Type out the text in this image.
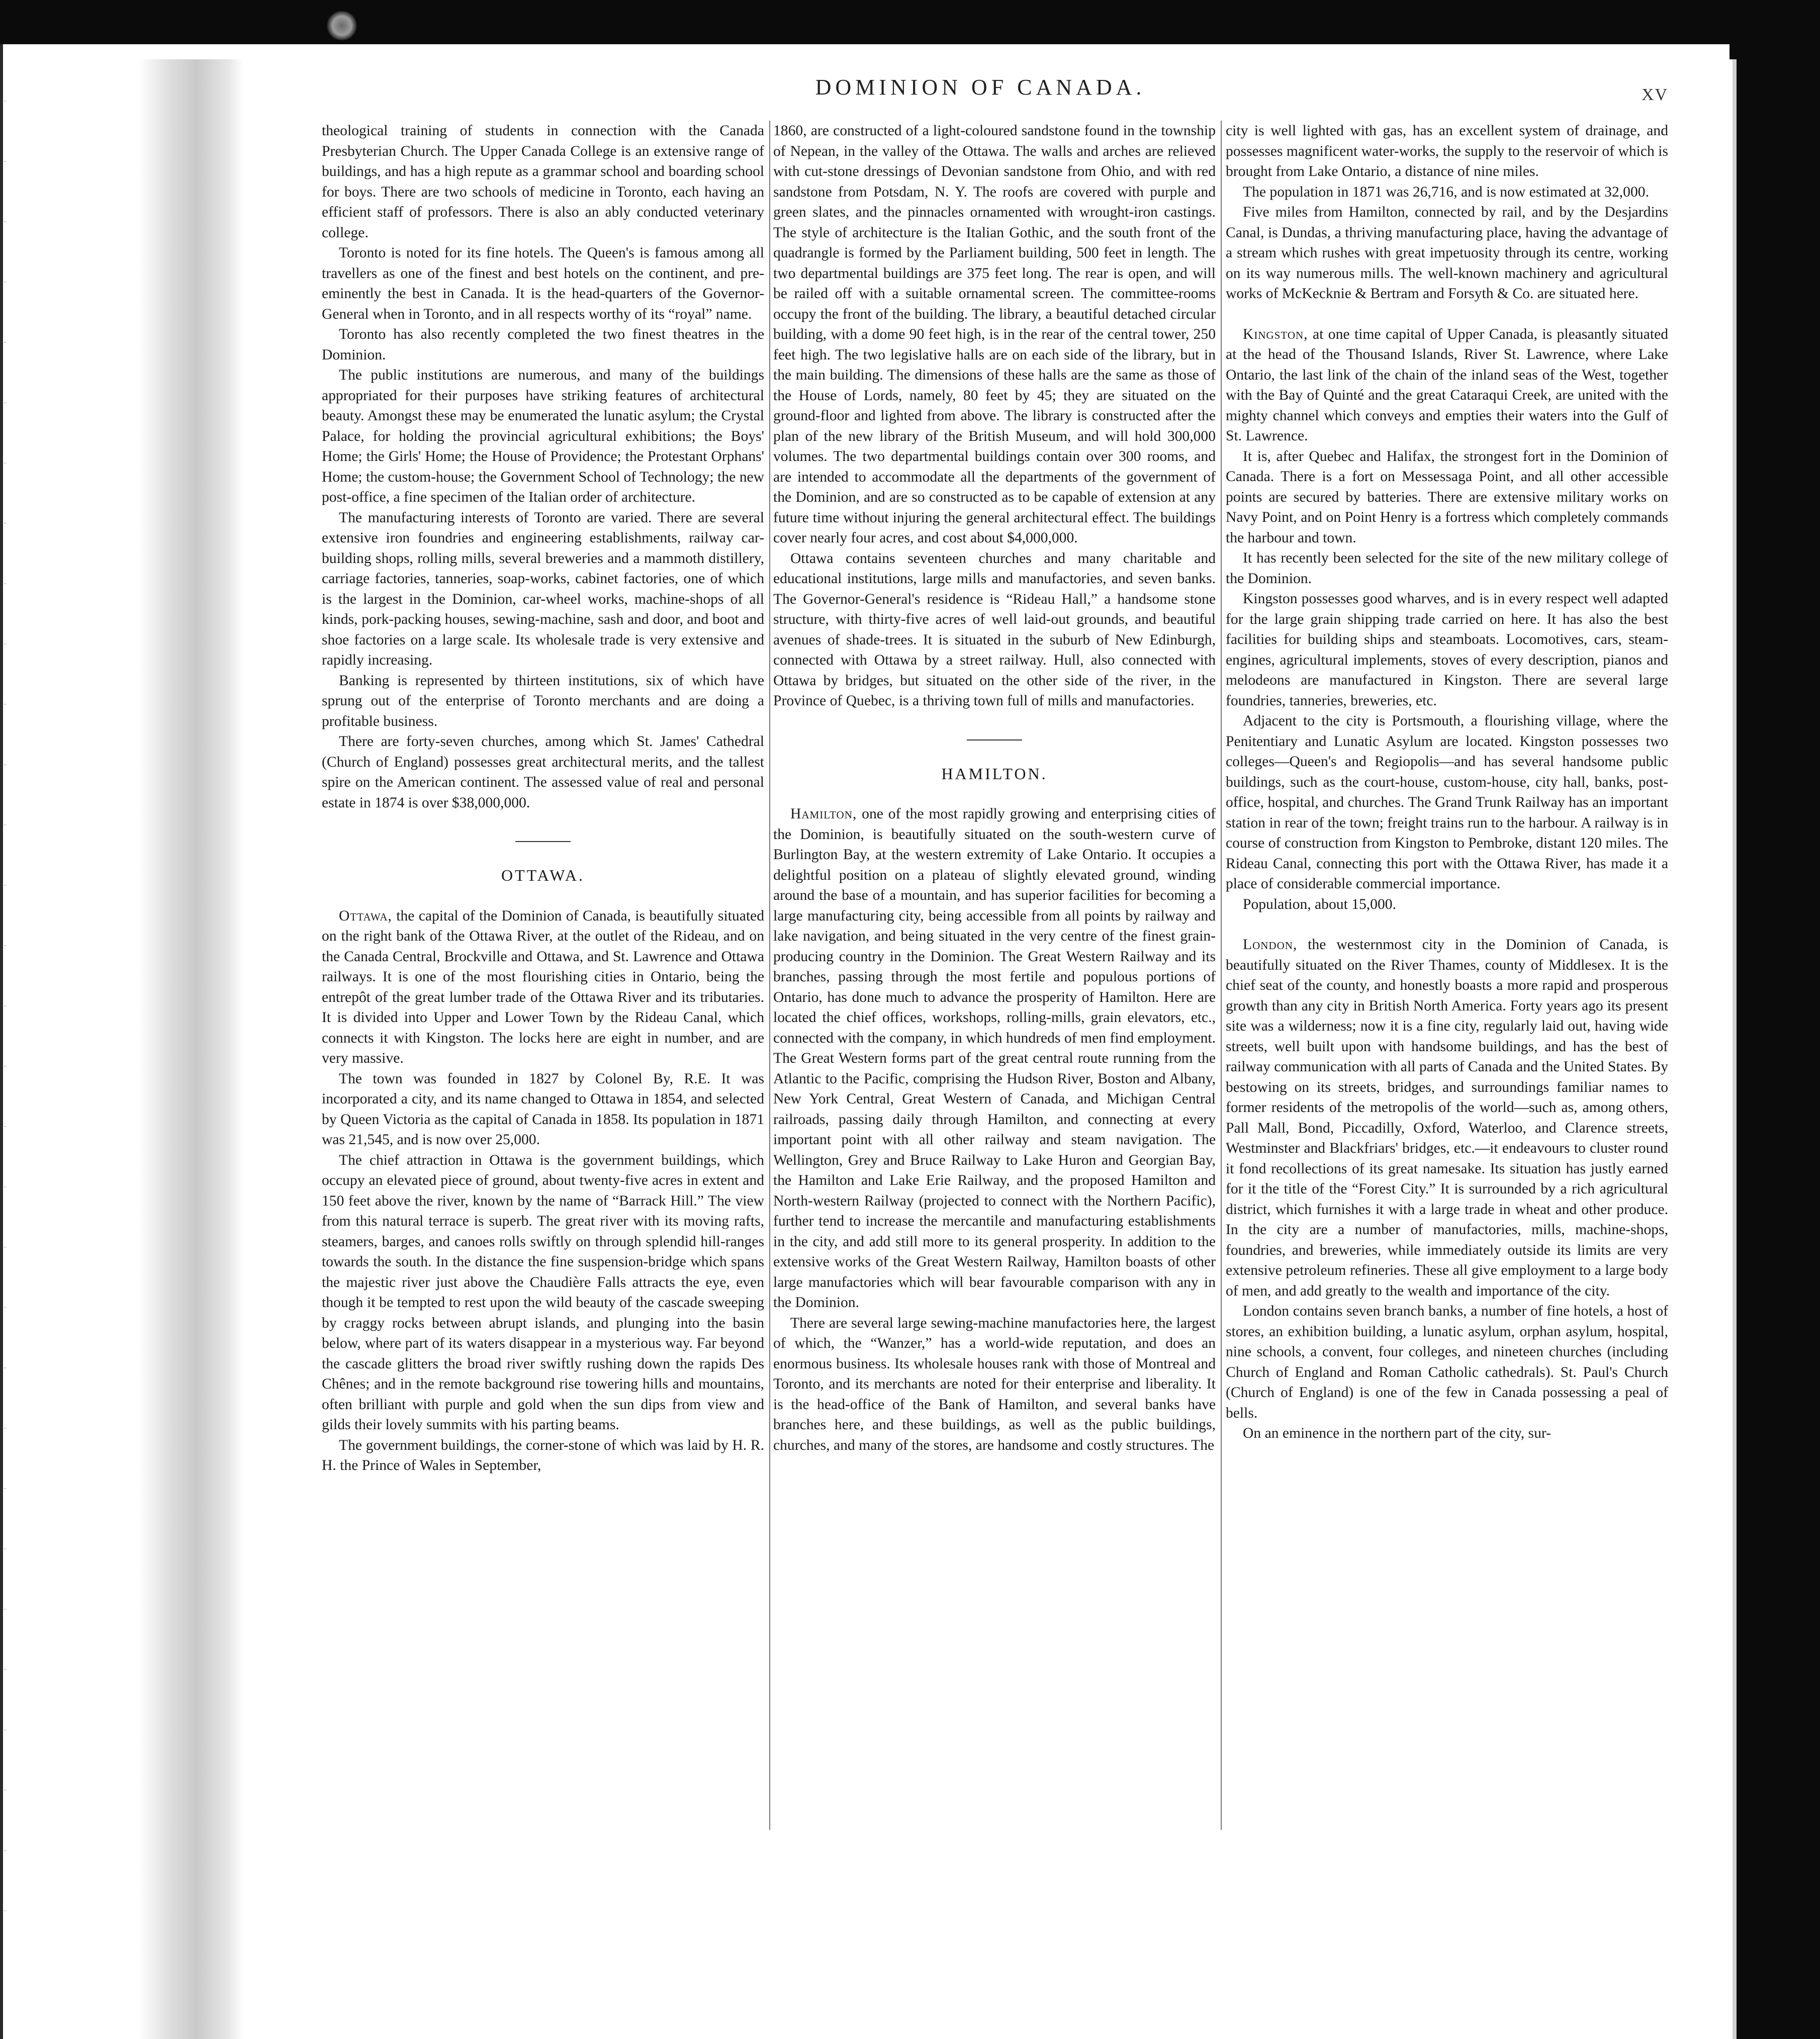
DOMINION OF CANADA.	XV

theological training of students in connection with the Canada Presbyterian Church. The Upper Canada College is an extensive range of buildings, and has a high repute as a grammar school and boarding school for boys. There are two schools of medicine in Toronto, each having an efficient staff of professors. There is also an ably conducted veterinary college.

Toronto is noted for its fine hotels. The Queen's is famous among all travellers as one of the finest and best hotels on the continent, and pre-eminently the best in Canada. It is the head-quarters of the Governor-General when in Toronto, and in all respects worthy of its “royal” name.

Toronto has also recently completed the two finest theatres in the Dominion.

The public institutions are numerous, and many of the buildings appropriated for their purposes have striking features of architectural beauty. Amongst these may be enumerated the lunatic asylum; the Crystal Palace, for holding the provincial agricultural exhibitions; the Boys' Home; the Girls' Home; the House of Providence; the Protestant Orphans' Home; the custom-house; the Government School of Technology; the new post-office, a fine specimen of the Italian order of architecture.

The manufacturing interests of Toronto are varied. There are several extensive iron foundries and engineering establishments, railway car-building shops, rolling mills, several breweries and a mammoth distillery, carriage factories, tanneries, soap-works, cabinet factories, one of which is the largest in the Dominion, car-wheel works, machine-shops of all kinds, pork-packing houses, sewing-machine, sash and door, and boot and shoe factories on a large scale. Its wholesale trade is very extensive and rapidly increasing.

Banking is represented by thirteen institutions, six of which have sprung out of the enterprise of Toronto merchants and are doing a profitable business.

There are forty-seven churches, among which St. James' Cathedral (Church of England) possesses great architectural merits, and the tallest spire on the American continent. The assessed value of real and personal estate in 1874 is over $38,000,000.

OTTAWA.

Ottawa, the capital of the Dominion of Canada, is beautifully situated on the right bank of the Ottawa River, at the outlet of the Rideau, and on the Canada Central, Brockville and Ottawa, and St. Lawrence and Ottawa railways. It is one of the most flourishing cities in Ontario, being the entrepôt of the great lumber trade of the Ottawa River and its tributaries. It is divided into Upper and Lower Town by the Rideau Canal, which connects it with Kingston. The locks here are eight in number, and are very massive.

The town was founded in 1827 by Colonel By, R.E. It was incorporated a city, and its name changed to Ottawa in 1854, and selected by Queen Victoria as the capital of Canada in 1858. Its population in 1871 was 21,545, and is now over 25,000.

The chief attraction in Ottawa is the government buildings, which occupy an elevated piece of ground, about twenty-five acres in extent and 150 feet above the river, known by the name of “Barrack Hill.” The view from this natural terrace is superb. The great river with its moving rafts, steamers, barges, and canoes rolls swiftly on through splendid hill-ranges towards the south. In the distance the fine suspension-bridge which spans the majestic river just above the Chaudière Falls attracts the eye, even though it be tempted to rest upon the wild beauty of the cascade sweeping by craggy rocks between abrupt islands, and plunging into the basin below, where part of its waters disappear in a mysterious way. Far beyond the cascade glitters the broad river swiftly rushing down the rapids Des Chênes; and in the remote background rise towering hills and mountains, often brilliant with purple and gold when the sun dips from view and gilds their lovely summits with his parting beams.

The government buildings, the corner-stone of which was laid by H. R. H. the Prince of Wales in September,

1860, are constructed of a light-coloured sandstone found in the township of Nepean, in the valley of the Ottawa. The walls and arches are relieved with cut-stone dressings of Devonian sandstone from Ohio, and with red sandstone from Potsdam, N. Y. The roofs are covered with purple and green slates, and the pinnacles ornamented with wrought-iron castings. The style of architecture is the Italian Gothic, and the south front of the quadrangle is formed by the Parliament building, 500 feet in length. The two departmental buildings are 375 feet long. The rear is open, and will be railed off with a suitable ornamental screen. The committee-rooms occupy the front of the building. The library, a beautiful detached circular building, with a dome 90 feet high, is in the rear of the central tower, 250 feet high. The two legislative halls are on each side of the library, but in the main building. The dimensions of these halls are the same as those of the House of Lords, namely, 80 feet by 45; they are situated on the ground-floor and lighted from above. The library is constructed after the plan of the new library of the British Museum, and will hold 300,000 volumes. The two departmental buildings contain over 300 rooms, and are intended to accommodate all the departments of the government of the Dominion, and are so constructed as to be capable of extension at any future time without injuring the general architectural effect. The buildings cover nearly four acres, and cost about $4,000,000.

Ottawa contains seventeen churches and many charitable and educational institutions, large mills and manufactories, and seven banks. The Governor-General's residence is “Rideau Hall,” a handsome stone structure, with thirty-five acres of well laid-out grounds, and beautiful avenues of shade-trees. It is situated in the suburb of New Edinburgh, connected with Ottawa by a street railway. Hull, also connected with Ottawa by bridges, but situated on the other side of the river, in the Province of Quebec, is a thriving town full of mills and manufactories.

HAMILTON.

Hamilton, one of the most rapidly growing and enterprising cities of the Dominion, is beautifully situated on the south-western curve of Burlington Bay, at the western extremity of Lake Ontario. It occupies a delightful position on a plateau of slightly elevated ground, winding around the base of a mountain, and has superior facilities for becoming a large manufacturing city, being accessible from all points by railway and lake navigation, and being situated in the very centre of the finest grain-producing country in the Dominion. The Great Western Railway and its branches, passing through the most fertile and populous portions of Ontario, has done much to advance the prosperity of Hamilton. Here are located the chief offices, workshops, rolling-mills, grain elevators, etc., connected with the company, in which hundreds of men find employment. The Great Western forms part of the great central route running from the Atlantic to the Pacific, comprising the Hudson River, Boston and Albany, New York Central, Great Western of Canada, and Michigan Central railroads, passing daily through Hamilton, and connecting at every important point with all other railway and steam navigation. The Wellington, Grey and Bruce Railway to Lake Huron and Georgian Bay, the Hamilton and Lake Erie Railway, and the proposed Hamilton and North-western Railway (projected to connect with the Northern Pacific), further tend to increase the mercantile and manufacturing establishments in the city, and add still more to its general prosperity. In addition to the extensive works of the Great Western Railway, Hamilton boasts of other large manufactories which will bear favourable comparison with any in the Dominion.

There are several large sewing-machine manufactories here, the largest of which, the “Wanzer,” has a world-wide reputation, and does an enormous business. Its wholesale houses rank with those of Montreal and Toronto, and its merchants are noted for their enterprise and liberality. It is the head-office of the Bank of Hamilton, and several banks have branches here, and these buildings, as well as the public buildings, churches, and many of the stores, are handsome and costly structures. The

city is well lighted with gas, has an excellent system of drainage, and possesses magnificent water-works, the supply to the reservoir of which is brought from Lake Ontario, a distance of nine miles.

The population in 1871 was 26,716, and is now estimated at 32,000.

Five miles from Hamilton, connected by rail, and by the Desjardins Canal, is Dundas, a thriving manufacturing place, having the advantage of a stream which rushes with great impetuosity through its centre, working on its way numerous mills. The well-known machinery and agricultural works of McKecknie & Bertram and Forsyth & Co. are situated here.

Kingston, at one time capital of Upper Canada, is pleasantly situated at the head of the Thousand Islands, River St. Lawrence, where Lake Ontario, the last link of the chain of the inland seas of the West, together with the Bay of Quinté and the great Cataraqui Creek, are united with the mighty channel which conveys and empties their waters into the Gulf of St. Lawrence.

It is, after Quebec and Halifax, the strongest fort in the Dominion of Canada. There is a fort on Messessaga Point, and all other accessible points are secured by batteries. There are extensive military works on Navy Point, and on Point Henry is a fortress which completely commands the harbour and town.

It has recently been selected for the site of the new military college of the Dominion.

Kingston possesses good wharves, and is in every respect well adapted for the large grain shipping trade carried on here. It has also the best facilities for building ships and steamboats. Locomotives, cars, steam-engines, agricultural implements, stoves of every description, pianos and melodeons are manufactured in Kingston. There are several large foundries, tanneries, breweries, etc.

Adjacent to the city is Portsmouth, a flourishing village, where the Penitentiary and Lunatic Asylum are located. Kingston possesses two colleges—Queen's and Regiopolis—and has several handsome public buildings, such as the court-house, custom-house, city hall, banks, post-office, hospital, and churches. The Grand Trunk Railway has an important station in rear of the town; freight trains run to the harbour. A railway is in course of construction from Kingston to Pembroke, distant 120 miles. The Rideau Canal, connecting this port with the Ottawa River, has made it a place of considerable commercial importance.

Population, about 15,000.

London, the westernmost city in the Dominion of Canada, is beautifully situated on the River Thames, county of Middlesex. It is the chief seat of the county, and honestly boasts a more rapid and prosperous growth than any city in British North America. Forty years ago its present site was a wilderness; now it is a fine city, regularly laid out, having wide streets, well built upon with handsome buildings, and has the best of railway communication with all parts of Canada and the United States. By bestowing on its streets, bridges, and surroundings familiar names to former residents of the metropolis of the world—such as, among others, Pall Mall, Bond, Piccadilly, Oxford, Waterloo, and Clarence streets, Westminster and Blackfriars' bridges, etc.—it endeavours to cluster round it fond recollections of its great namesake. Its situation has justly earned for it the title of the “Forest City.” It is surrounded by a rich agricultural district, which furnishes it with a large trade in wheat and other produce. In the city are a number of manufactories, mills, machine-shops, foundries, and breweries, while immediately outside its limits are very extensive petroleum refineries. These all give employment to a large body of men, and add greatly to the wealth and importance of the city.

London contains seven branch banks, a number of fine hotels, a host of stores, an exhibition building, a lunatic asylum, orphan asylum, hospital, nine schools, a convent, four colleges, and nineteen churches (including Church of England and Roman Catholic cathedrals). St. Paul's Church (Church of England) is one of the few in Canada possessing a peal of bells.

On an eminence in the northern part of the city, sur-
